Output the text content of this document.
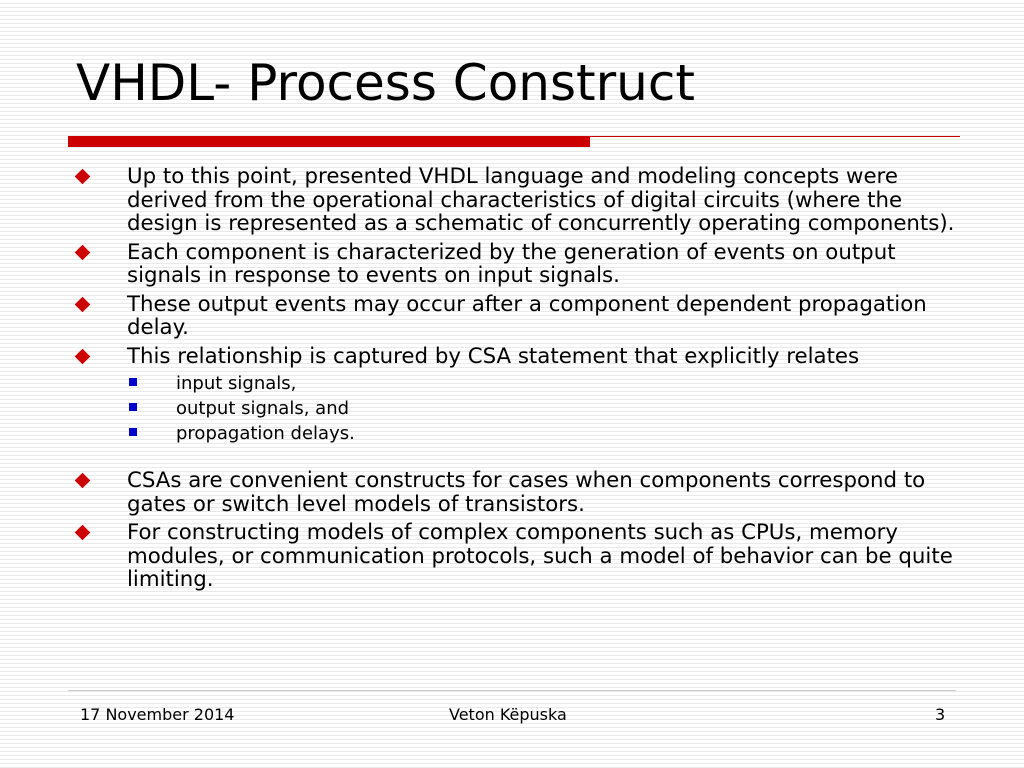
VHDL- Process Construct
Up to this point, presented VHDL language and modeling concepts were derived from the operational characteristics of digital circuits (where the design is represented as a schematic of concurrently operating components).
Each component is characterized by the generation of events on output signals in response to events on input signals.
These output events may occur after a component dependent propagation delay.
This relationship is captured by CSA statement that explicitly relates
input signals,
output signals, and
propagation delays.
CSAs are convenient constructs for cases when components correspond to gates or switch level models of transistors.
For constructing models of complex components such as CPUs, memory modules, or communication protocols, such a model of behavior can be quite limiting.
17 November 2014	Veton Këpuska	3
